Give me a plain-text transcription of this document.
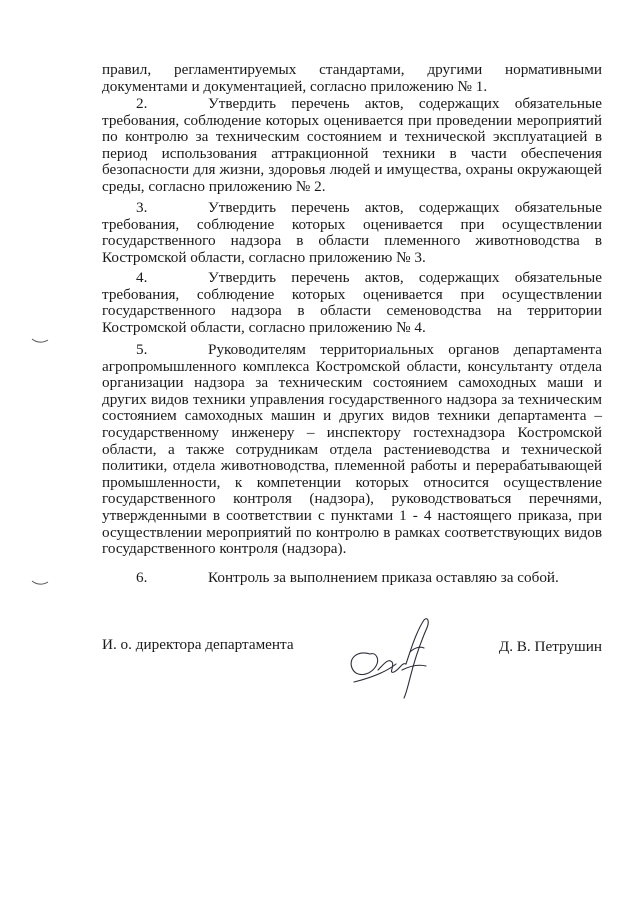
правил, регламентируемых стандартами, другими нормативными документами и документацией, согласно приложению № 1.

2.	Утвердить перечень актов, содержащих обязательные требования, соблюдение которых оценивается при проведении мероприятий по контролю за техническим состоянием и технической эксплуатацией в период использования аттракционной техники в части обеспечения безопасности для жизни, здоровья людей и имущества, охраны окружающей среды, согласно приложению № 2.

3.	Утвердить перечень актов, содержащих обязательные требования, соблюдение которых оценивается при осуществлении государственного надзора в области племенного животноводства в Костромской области, согласно приложению № 3.

4.	Утвердить перечень актов, содержащих обязательные требования, соблюдение которых оценивается при осуществлении государственного надзора в области семеноводства на территории Костромской области, согласно приложению № 4.

5.	Руководителям территориальных органов департамента агропромышленного комплекса Костромской области, консультанту отдела организации надзора за техническим состоянием самоходных маши и других видов техники управления государственного надзора за техническим состоянием самоходных машин и других видов техники департамента – государственному инженеру – инспектору гостехнадзора Костромской области, а также сотрудникам отдела растениеводства и технической политики, отдела животноводства, племенной работы и перерабатывающей промышленности, к компетенции которых относится осуществление государственного контроля (надзора), руководствоваться перечнями, утвержденными в соответствии с пунктами 1 - 4 настоящего приказа, при осуществлении мероприятий по контролю в рамках соответствующих видов государственного контроля (надзора).

6.	Контроль за выполнением приказа оставляю за собой.

И. о. директора департамента	Д. В. Петрушин
